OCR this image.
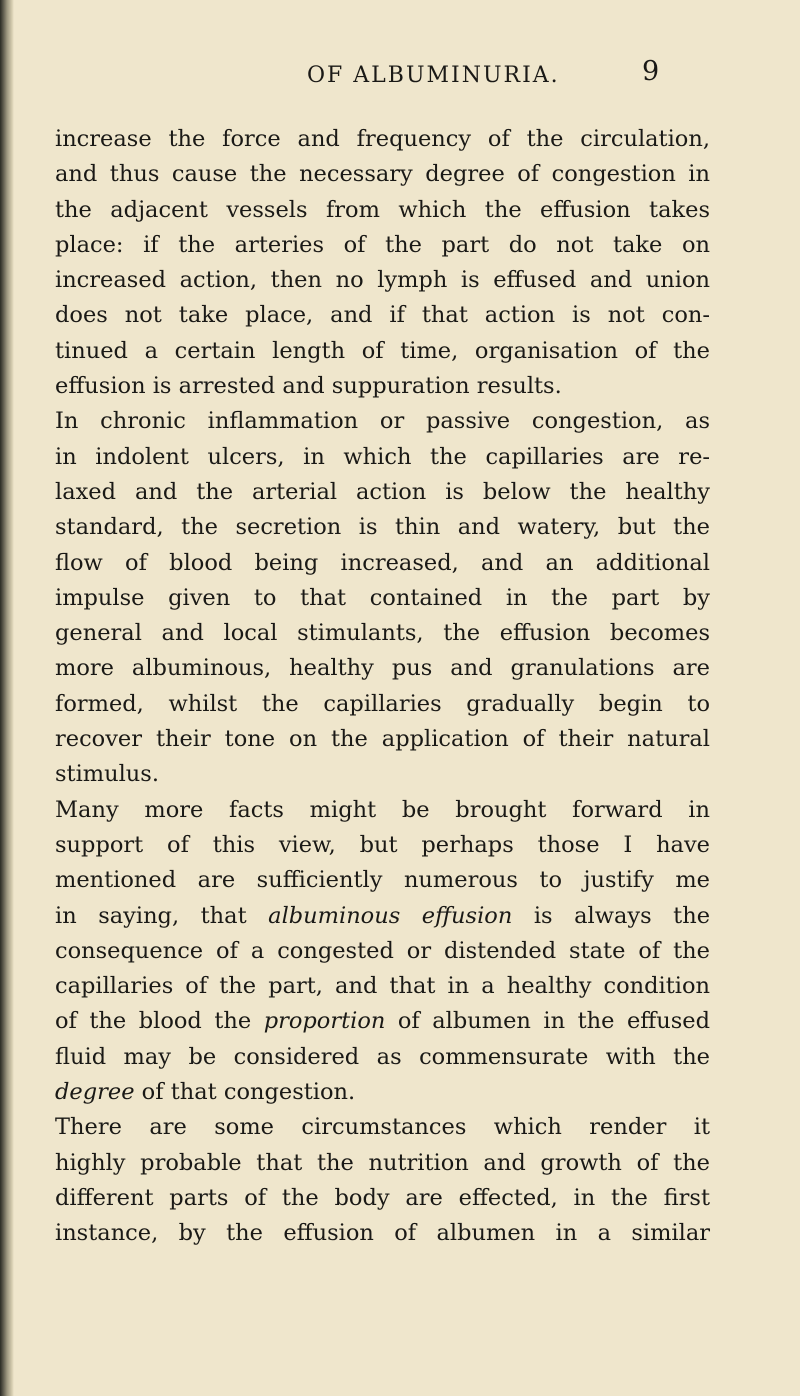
OF ALBUMINURIA.	9
increase the force and frequency of the circulation,
and thus cause the necessary degree of congestion in
the adjacent vessels from which the effusion takes
place: if the arteries of the part do not take on
increased action, then no lymph is effused and union
does not take place, and if that action is not con-
tinued a certain length of time, organisation of the
effusion is arrested and suppuration results.
In chronic inflammation or passive congestion, as
in indolent ulcers, in which the capillaries are re-
laxed and the arterial action is below the healthy
standard, the secretion is thin and watery, but the
flow of blood being increased, and an additional
impulse given to that contained in the part by
general and local stimulants, the effusion becomes
more albuminous, healthy pus and granulations are
formed, whilst the capillaries gradually begin to
recover their tone on the application of their natural
stimulus.
Many more facts might be brought forward in
support of this view, but perhaps those I have
mentioned are sufficiently numerous to justify me
in saying, that albuminous effusion is always the
consequence of a congested or distended state of the
capillaries of the part, and that in a healthy condition
of the blood the proportion of albumen in the effused
fluid may be considered as commensurate with the
degree of that congestion.
There are some circumstances which render it
highly probable that the nutrition and growth of the
different parts of the body are effected, in the first
instance, by the effusion of albumen in a similar
